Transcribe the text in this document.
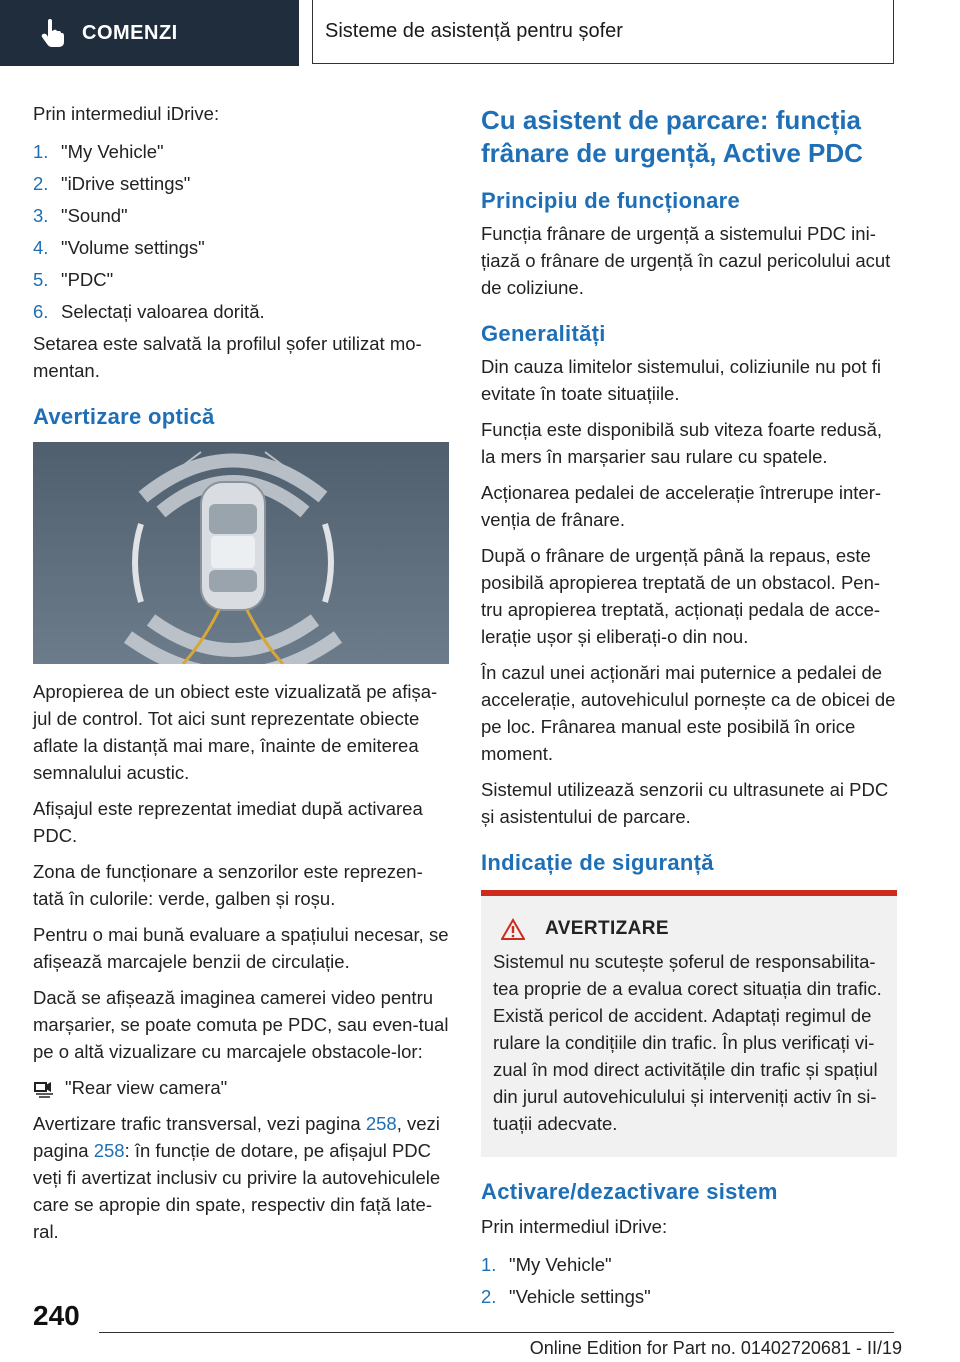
COMENZI	Sisteme de asistență pentru șofer

Prin intermediul iDrive:

1. "My Vehicle"
2. "iDrive settings"
3. "Sound"
4. "Volume settings"
5. "PDC"
6. Selectați valoarea dorită.

Setarea este salvată la profilul șofer utilizat mo‐mentan.

Avertizare optică

Apropierea de un obiect este vizualizată pe afișa‐jul de control. Tot aici sunt reprezentate obiecte aflate la distanță mai mare, înainte de emiterea semnalului acustic.

Afișajul este reprezentat imediat după activarea PDC.

Zona de funcționare a senzorilor este reprezen‐tată în culorile: verde, galben și roșu.

Pentru o mai bună evaluare a spațiului necesar, se afișează marcajele benzii de circulație.

Dacă se afișează imaginea camerei video pentru marșarier, se poate comuta pe PDC, sau even‐tual pe o altă vizualizare cu marcajele obstacole‐lor:

"Rear view camera"

Avertizare trafic transversal, vezi pagina 258, vezi pagina 258: în funcție de dotare, pe afișajul PDC veți fi avertizat inclusiv cu privire la autovehiculele care se apropie din spate, respectiv din față late‐ral.

Cu asistent de parcare: funcția frânare de urgență, Active PDC
Principiu de funcționare

Funcția frânare de urgență a sistemului PDC ini‐țiază o frânare de urgență în cazul pericolului acut de coliziune.

Generalități

Din cauza limitelor sistemului, coliziunile nu pot fi evitate în toate situațiile.

Funcția este disponibilă sub viteza foarte redusă, la mers în marșarier sau rulare cu spatele.

Acționarea pedalei de accelerație întrerupe inter‐venția de frânare.

După o frânare de urgență până la repaus, este posibilă apropierea treptată de un obstacol. Pen‐tru apropierea treptată, acționați pedala de acce‐lerație ușor și eliberați-o din nou.

În cazul unei acționări mai puternice a pedalei de accelerație, autovehiculul pornește ca de obicei de pe loc. Frânarea manual este posibilă în orice moment.

Sistemul utilizează senzorii cu ultrasunete ai PDC și asistentului de parcare.

Indicație de siguranță
AVERTIZARE

Sistemul nu scutește șoferul de responsabilita‐tea proprie de a evalua corect situația din trafic. Există pericol de accident. Adaptați regimul de rulare la condițiile din trafic. În plus verificați vi‐zual în mod direct activitățile din trafic și spațiul din jurul autovehiculului și interveniți activ în si‐tuații adecvate.

Activare/dezactivare sistem

Prin intermediul iDrive:

1. "My Vehicle"
2. "Vehicle settings"
240
Online Edition for Part no. 01402720681 - II/19
